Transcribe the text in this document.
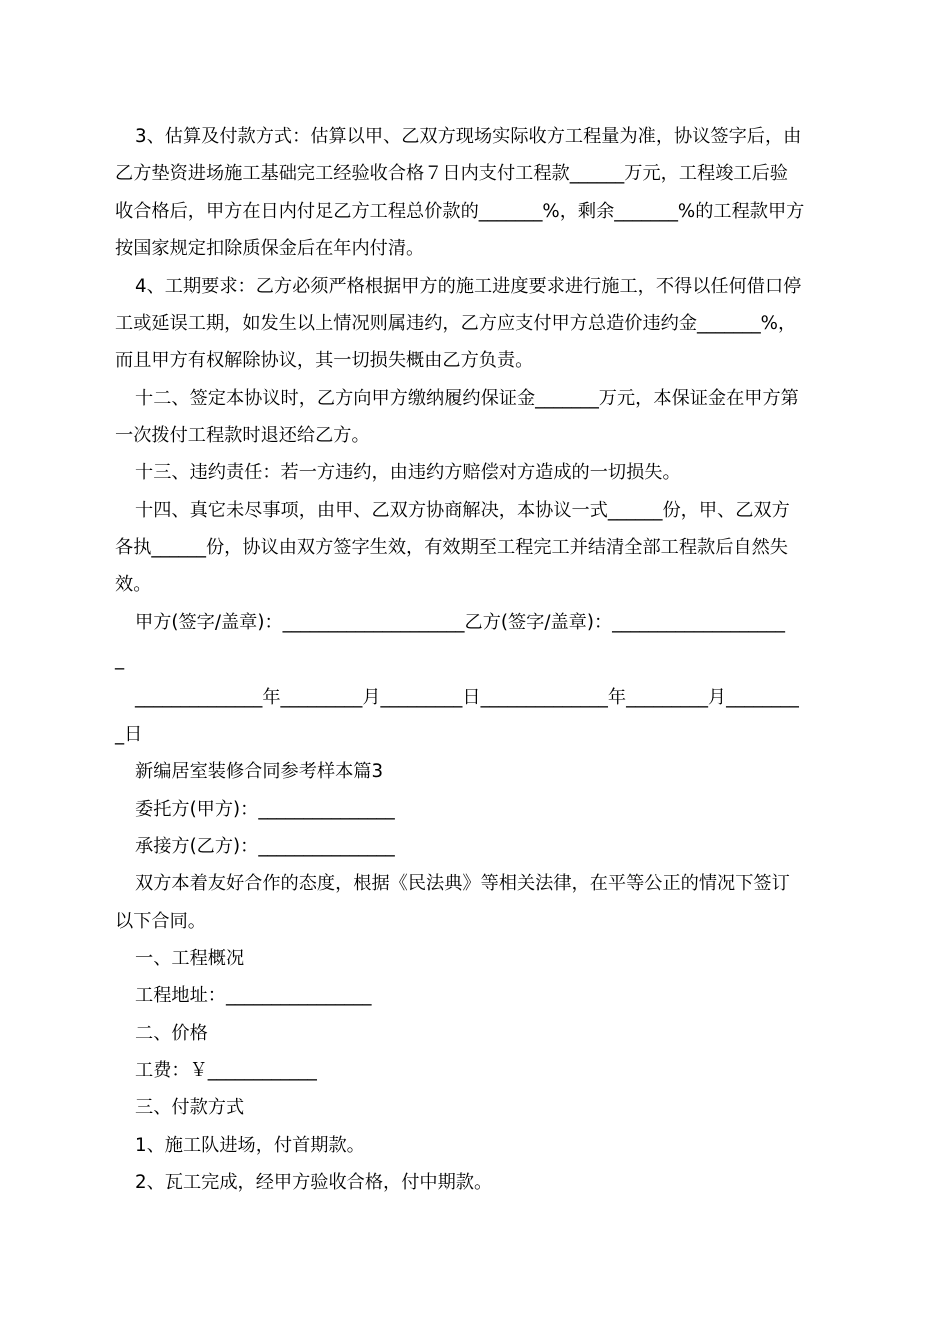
3、估算及付款方式：估算以甲、乙双方现场实际收方工程量为准，协议签字后，由

乙方垫资进场施工基础完工经验收合格７日内支付工程款______万元，工程竣工后验

收合格后，甲方在日内付足乙方工程总价款的_______%，剩余_______%的工程款甲方

按国家规定扣除质保金后在年内付清。

4、工期要求：乙方必须严格根据甲方的施工进度要求进行施工，不得以任何借口停

工或延误工期，如发生以上情况则属违约，乙方应支付甲方总造价违约金_______%，

而且甲方有权解除协议，其一切损失概由乙方负责。

十二、签定本协议时，乙方向甲方缴纳履约保证金_______万元，本保证金在甲方第

一次拨付工程款时退还给乙方。

十三、违约责任：若一方违约，由违约方赔偿对方造成的一切损失。

十四、真它未尽事项，由甲、乙双方协商解决，本协议一式______份，甲、乙双方

各执______份，协议由双方签字生效，有效期至工程完工并结清全部工程款后自然失

效。

甲方(签字/盖章)：____________________乙方(签字/盖章)：___________________

_

______________年_________月_________日______________年_________月________

_日

新编居室装修合同参考样本篇3

委托方(甲方)：_______________

承接方(乙方)：_______________

双方本着友好合作的态度，根据《民法典》等相关法律，在平等公正的情况下签订

以下合同。

一、工程概况

工程地址：________________

二、价格

工费：￥____________

三、付款方式

1、施工队进场，付首期款。

2、瓦工完成，经甲方验收合格，付中期款。
